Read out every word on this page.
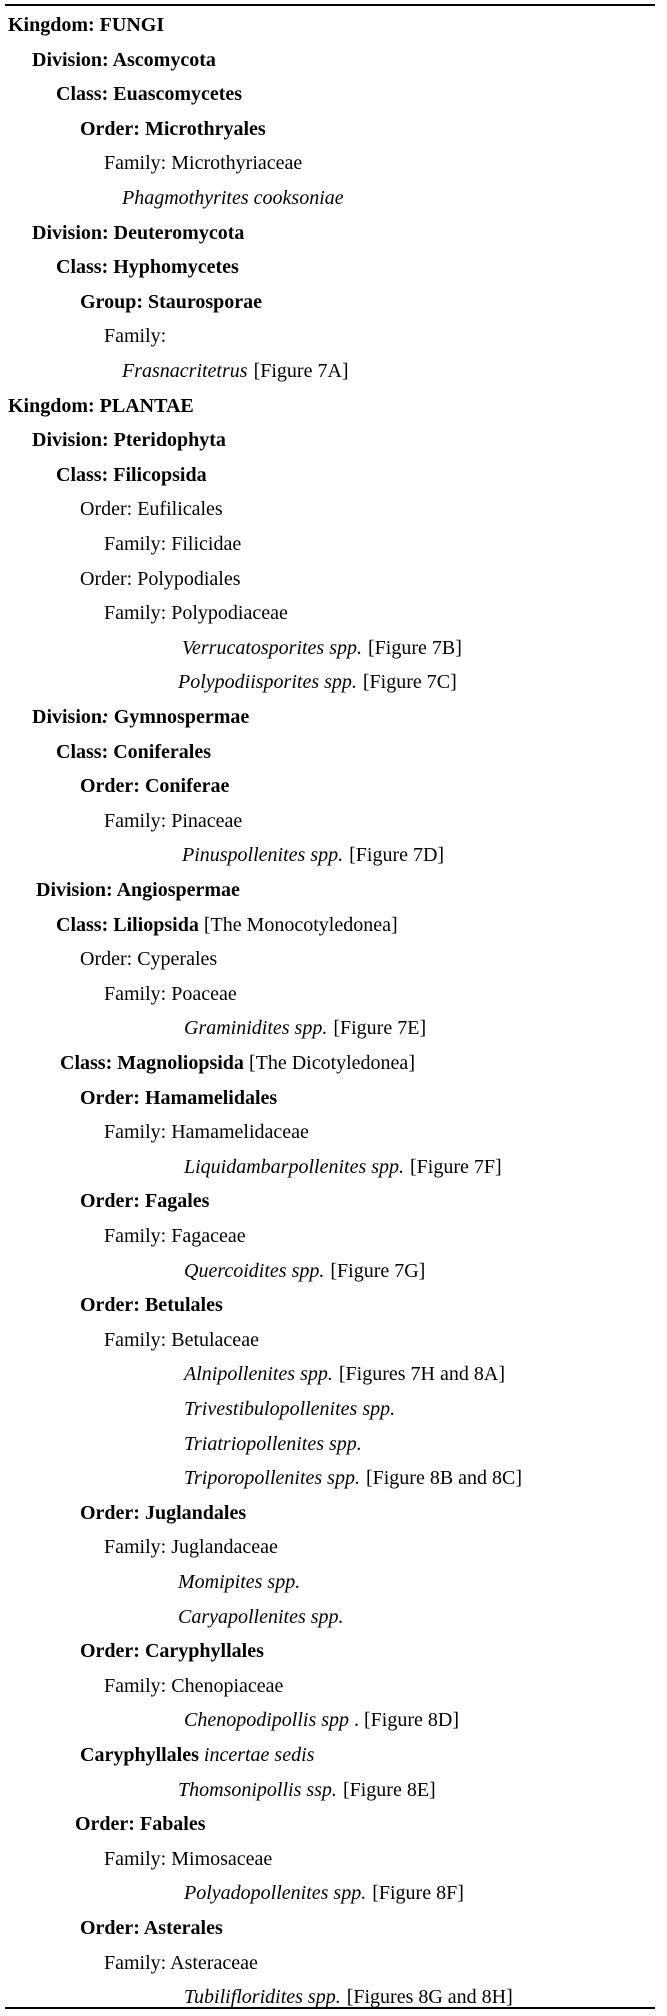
Kingdom: FUNGI
Division: Ascomycota
Class: Euascomycetes
Order: Microthryales
Family: Microthyriaceae
Phagmothyrites cooksoniae
Division: Deuteromycota
Class: Hyphomycetes
Group: Staurosporae
Family:
Frasnacritetrus [Figure 7A]
Kingdom: PLANTAE
Division: Pteridophyta
Class: Filicopsida
Order: Eufilicales
Family: Filicidae
Order: Polypodiales
Family: Polypodiaceae
Verrucatosporites spp. [Figure 7B]
Polypodiisporites spp. [Figure 7C]
Division: Gymnospermae
Class: Coniferales
Order: Coniferae
Family: Pinaceae
Pinuspollenites spp. [Figure 7D]
Division: Angiospermae
Class: Liliopsida [The Monocotyledonea]
Order: Cyperales
Family: Poaceae
Graminidites spp. [Figure 7E]
Class: Magnoliopsida [The Dicotyledonea]
Order: Hamamelidales
Family: Hamamelidaceae
Liquidambarpollenites spp. [Figure 7F]
Order: Fagales
Family: Fagaceae
Quercoidites spp. [Figure 7G]
Order: Betulales
Family: Betulaceae
Alnipollenites spp. [Figures 7H and 8A]
Trivestibulopollenites spp.
Triatriopollenites spp.
Triporopollenites spp. [Figure 8B and 8C]
Order: Juglandales
Family: Juglandaceae
Momipites spp.
Caryapollenites spp.
Order: Caryphyllales
Family: Chenopiaceae
Chenopodipollis spp . [Figure 8D]
Caryphyllales incertae sedis
Thomsonipollis ssp. [Figure 8E]
Order: Fabales
Family: Mimosaceae
Polyadopollenites spp. [Figure 8F]
Order: Asterales
Family: Asteraceae
Tubilifloridites spp. [Figures 8G and 8H]
